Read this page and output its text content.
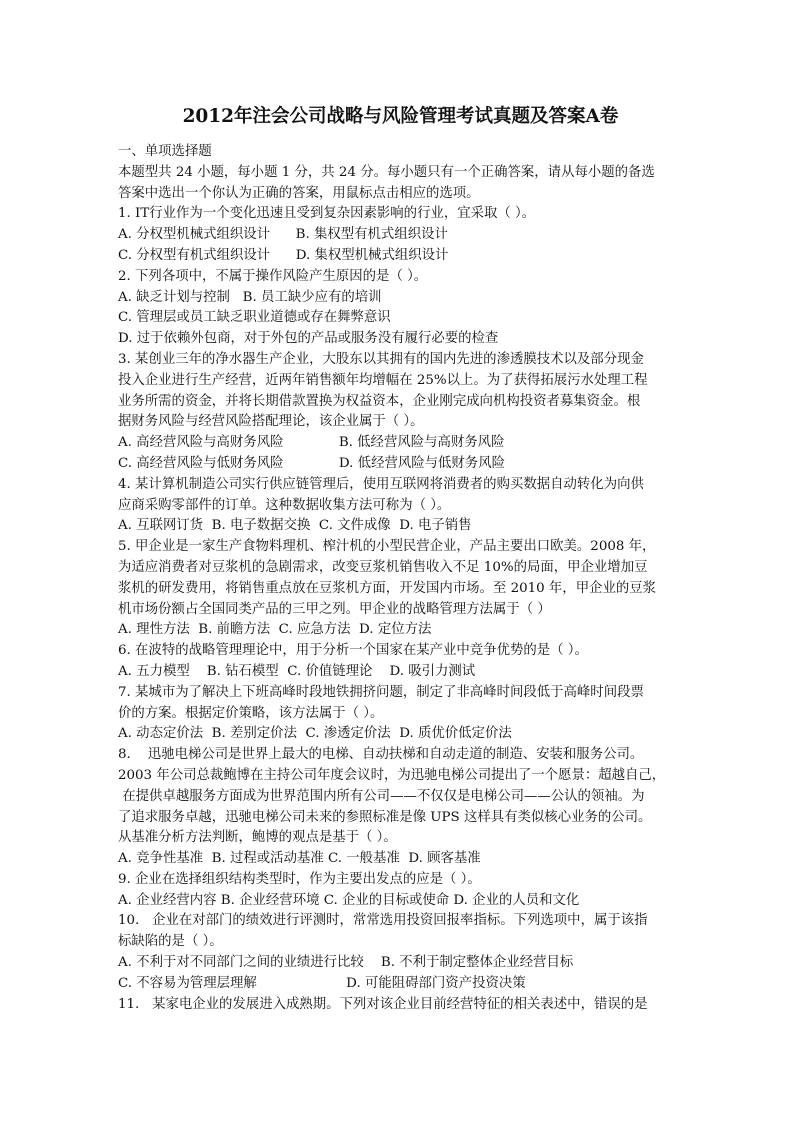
2012年注会公司战略与风险管理考试真题及答案A卷
一、单项选择题
本题型共 24 小题，每小题 1 分，共 24 分。每小题只有一个正确答案，请从每小题的备选
答案中选出一个你认为正确的答案，用鼠标点击相应的选项。
1. IT行业作为一个变化迅速且受到复杂因素影响的行业，宜采取（ ）。
A. 分权型机械式组织设计      B. 集权型有机式组织设计
C. 分权型有机式组织设计      D. 集权型机械式组织设计
2. 下列各项中，不属于操作风险产生原因的是（ ）。
A. 缺乏计划与控制   B. 员工缺少应有的培训
C. 管理层或员工缺乏职业道德或存在舞弊意识
D. 过于依赖外包商，对于外包的产品或服务没有履行必要的检查
3. 某创业三年的净水器生产企业，大股东以其拥有的国内先进的渗透膜技术以及部分现金
投入企业进行生产经营，近两年销售额年均增幅在 25%以上。为了获得拓展污水处理工程
业务所需的资金，并将长期借款置换为权益资本，企业刚完成向机构投资者募集资金。根
据财务风险与经营风险搭配理论，该企业属于（ ）。
A. 高经营风险与高财务风险             B. 低经营风险与高财务风险
C. 高经营风险与低财务风险             D. 低经营风险与低财务风险
4. 某计算机制造公司实行供应链管理后，使用互联网将消费者的购买数据自动转化为向供
应商采购零部件的订单。这种数据收集方法可称为（ ）。
A. 互联网订货  B. 电子数据交换  C. 文件成像  D. 电子销售
5. 甲企业是一家生产食物料理机、榨汁机的小型民营企业，产品主要出口欧美。2008 年，
为适应消费者对豆浆机的急剧需求，改变豆浆机销售收入不足 10%的局面，甲企业增加豆
浆机的研发费用，将销售重点放在豆浆机方面，开发国内市场。至 2010 年，甲企业的豆浆
机市场份额占全国同类产品的三甲之列。甲企业的战略管理方法属于（ ）
A. 理性方法  B. 前瞻方法  C. 应急方法  D. 定位方法
6. 在波特的战略管理理论中，用于分析一个国家在某产业中竞争优势的是（ ）。
A. 五力模型    B. 钻石模型  C. 价值链理论    D. 吸引力测试
7. 某城市为了解决上下班高峰时段地铁拥挤问题，制定了非高峰时间段低于高峰时间段票
价的方案。根据定价策略，该方法属于（ ）。
A. 动态定价法  B. 差别定价法  C. 渗透定价法  D. 质优价低定价法
8.    迅驰电梯公司是世界上最大的电梯、自动扶梯和自动走道的制造、安装和服务公司。
2003 年公司总裁鲍博在主持公司年度会议时，为迅驰电梯公司提出了一个愿景：超越自己，
在提供卓越服务方面成为世界范围内所有公司——不仅仅是电梯公司——公认的领袖。为
了追求服务卓越，迅驰电梯公司未来的参照标准是像 UPS 这样具有类似核心业务的公司。
从基准分析方法判断，鲍博的观点是基于（ ）。
A. 竞争性基准  B. 过程或活动基准 C. 一般基准  D. 顾客基准
9. 企业在选择组织结构类型时，作为主要出发点的应是（ ）。
A. 企业经营内容 B. 企业经营环境 C. 企业的目标或使命 D. 企业的人员和文化
10.   企业在对部门的绩效进行评测时，常常选用投资回报率指标。下列选项中，属于该指
标缺陷的是（ ）。
A. 不利于对不同部门之间的业绩进行比较    B. 不利于制定整体企业经营目标
C. 不容易为管理层理解                     D. 可能阻碍部门资产投资决策
11.   某家电企业的发展进入成熟期。下列对该企业目前经营特征的相关表述中，错误的是
